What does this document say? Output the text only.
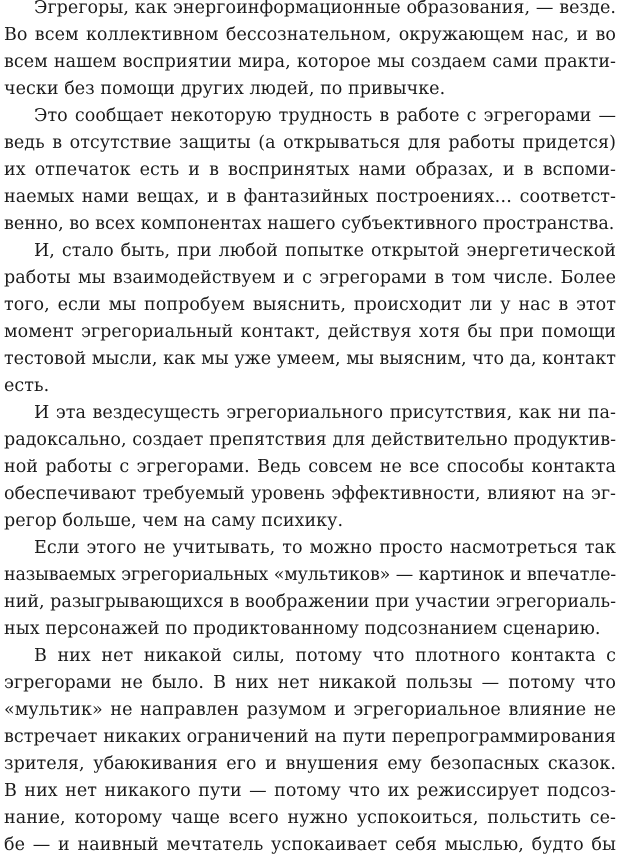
Эгрегоры, как энергоинформационные образования, — везде.
Во всем коллективном бессознательном, окружающем нас, и во
всем нашем восприятии мира, которое мы создаем сами практи-
чески без помощи других людей, по привычке.
Это сообщает некоторую трудность в работе с эгрегорами —
ведь в отсутствие защиты (а открываться для работы придется)
их отпечаток есть и в воспринятых нами образах, и в вспоми-
наемых нами вещах, и в фантазийных построениях… соответст-
венно, во всех компонентах нашего субъективного пространства.
И, стало быть, при любой попытке открытой энергетической
работы мы взаимодействуем и с эгрегорами в том числе. Более
того, если мы попробуем выяснить, происходит ли у нас в этот
момент эгрегориальный контакт, действуя хотя бы при помощи
тестовой мысли, как мы уже умеем, мы выясним, что да, контакт
есть.
И эта вездесущесть эгрегориального присутствия, как ни па-
радоксально, создает препятствия для действительно продуктив-
ной работы с эгрегорами. Ведь совсем не все способы контакта
обеспечивают требуемый уровень эффективности, влияют на эг-
регор больше, чем на саму психику.
Если этого не учитывать, то можно просто насмотреться так
называемых эгрегориальных «мультиков» — картинок и впечатле-
ний, разыгрывающихся в воображении при участии эгрегориаль-
ных персонажей по продиктованному подсознанием сценарию.
В них нет никакой силы, потому что плотного контакта с
эгрегорами не было. В них нет никакой пользы — потому что
«мультик» не направлен разумом и эгрегориальное влияние не
встречает никаких ограничений на пути перепрограммирования
зрителя, убаюкивания его и внушения ему безопасных сказок.
В них нет никакого пути — потому что их режиссирует подсоз-
нание, которому чаще всего нужно успокоиться, польстить се-
бе — и наивный мечтатель успокаивает себя мыслью, будто бы
